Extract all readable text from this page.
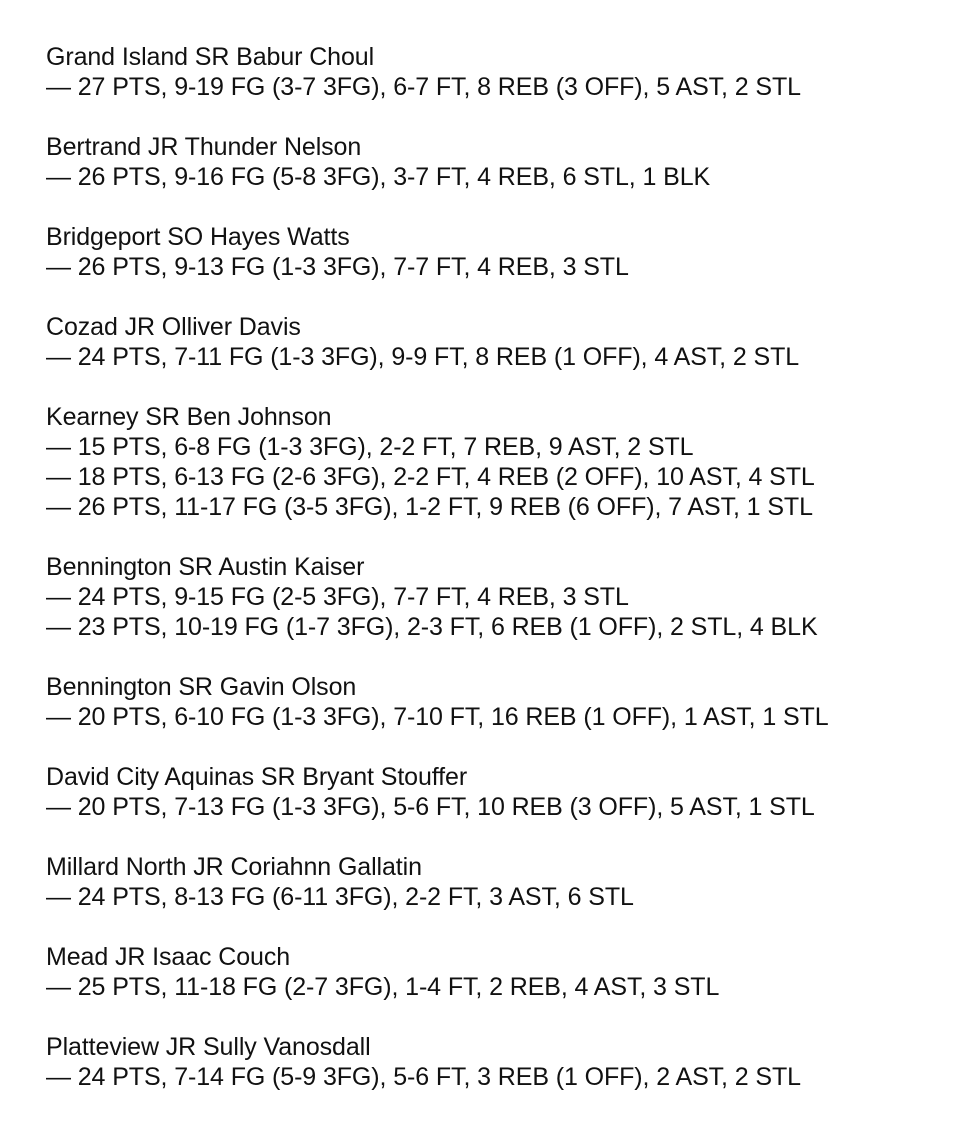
Grand Island SR Babur Choul
— 27 PTS, 9-19 FG (3-7 3FG), 6-7 FT, 8 REB (3 OFF), 5 AST, 2 STL
Bertrand JR Thunder Nelson
— 26 PTS, 9-16 FG (5-8 3FG), 3-7 FT, 4 REB, 6 STL, 1 BLK
Bridgeport SO Hayes Watts
— 26 PTS, 9-13 FG (1-3 3FG), 7-7 FT, 4 REB, 3 STL
Cozad JR Olliver Davis
— 24 PTS, 7-11 FG (1-3 3FG), 9-9 FT, 8 REB (1 OFF), 4 AST, 2 STL
Kearney SR Ben Johnson
— 15 PTS, 6-8 FG (1-3 3FG), 2-2 FT, 7 REB, 9 AST, 2 STL
— 18 PTS, 6-13 FG (2-6 3FG), 2-2 FT, 4 REB (2 OFF), 10 AST, 4 STL
— 26 PTS, 11-17 FG (3-5 3FG), 1-2 FT, 9 REB (6 OFF), 7 AST, 1 STL
Bennington SR Austin Kaiser
— 24 PTS, 9-15 FG (2-5 3FG), 7-7 FT, 4 REB, 3 STL
— 23 PTS, 10-19 FG (1-7 3FG), 2-3 FT, 6 REB (1 OFF), 2 STL, 4 BLK
Bennington SR Gavin Olson
— 20 PTS, 6-10 FG (1-3 3FG), 7-10 FT, 16 REB (1 OFF), 1 AST, 1 STL
David City Aquinas SR Bryant Stouffer
— 20 PTS, 7-13 FG (1-3 3FG), 5-6 FT, 10 REB (3 OFF), 5 AST, 1 STL
Millard North JR Coriahnn Gallatin
— 24 PTS, 8-13 FG (6-11 3FG), 2-2 FT, 3 AST, 6 STL
Mead JR Isaac Couch
— 25 PTS, 11-18 FG (2-7 3FG), 1-4 FT, 2 REB, 4 AST, 3 STL
Platteview JR Sully Vanosdall
— 24 PTS, 7-14 FG (5-9 3FG), 5-6 FT, 3 REB (1 OFF), 2 AST, 2 STL
